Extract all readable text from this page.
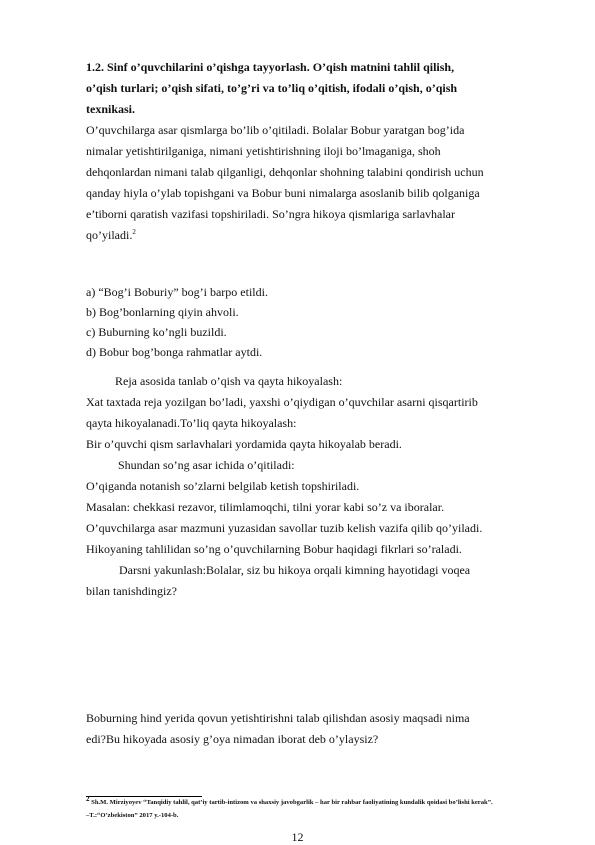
1.2. Sinf o’quvchilarini o’qishga tayyorlash. O’qish matnini tahlil qilish,
o’qish turlari; o’qish sifati, to’g’ri va to’liq o’qitish, ifodali o’qish, o’qish
texnikasi.
O’quvchilarga asar qismlarga bo’lib o’qitiladi. Bolalar Bobur yaratgan bog’ida
nimalar yetishtirilganiga, nimani yetishtirishning iloji bo’lmaganiga, shoh
dehqonlardan nimani talab qilganligi, dehqonlar shohning talabini qondirish uchun
qanday hiyla o’ylab topishgani va Bobur buni nimalarga asoslanib bilib qolganiga
e’tiborni qaratish vazifasi topshiriladi. So’ngra hikoya qismlariga sarlavhalar
qo’yiladi.$^2$
a) “Bog’i Boburiy” bog’i barpo etildi.
b) Bog’bonlarning qiyin ahvoli.
c) Buburning ko’ngli buzildi.
d) Bobur bog’bonga rahmatlar aytdi.
Reja asosida tanlab o’qish va qayta hikoyalash:
Xat taxtada reja yozilgan bo’ladi, yaxshi o’qiydigan o’quvchilar asarni qisqartirib
qayta hikoyalanadi.To’liq qayta hikoyalash:
Bir o’quvchi qism sarlavhalari yordamida qayta hikoyalab beradi.
Shundan so’ng asar ichida o’qitiladi:
O’qiganda notanish so’zlarni belgilab ketish topshiriladi.
Masalan: chekkasi rezavor, tilimlamoqchi, tilni yorar kabi so’z va iboralar.
O’quvchilarga asar mazmuni yuzasidan savollar tuzib kelish vazifa qilib qo’yiladi.
Hikoyaning tahlilidan so’ng o’quvchilarning Bobur haqidagi fikrlari so’raladi.
Darsni yakunlash:Bolalar, siz bu hikoya orqali kimning hayotidagi voqea
bilan tanishdingiz?
Boburning hind yerida qovun yetishtirishni talab qilishdan asosiy maqsadi nima
edi?Bu hikoyada asosiy g’oya nimadan iborat deb o’ylaysiz?
$^2$ Sh.M. Mirziyoyev “Tanqidiy tahlil, qat’iy tartib-intizom va shaxsiy javobgarlik – har bir rahbar faoliyatining kundalik qoidasi bo’lishi kerak”.
–T.:“O’zbekiston” 2017 y.-104-b.
12
